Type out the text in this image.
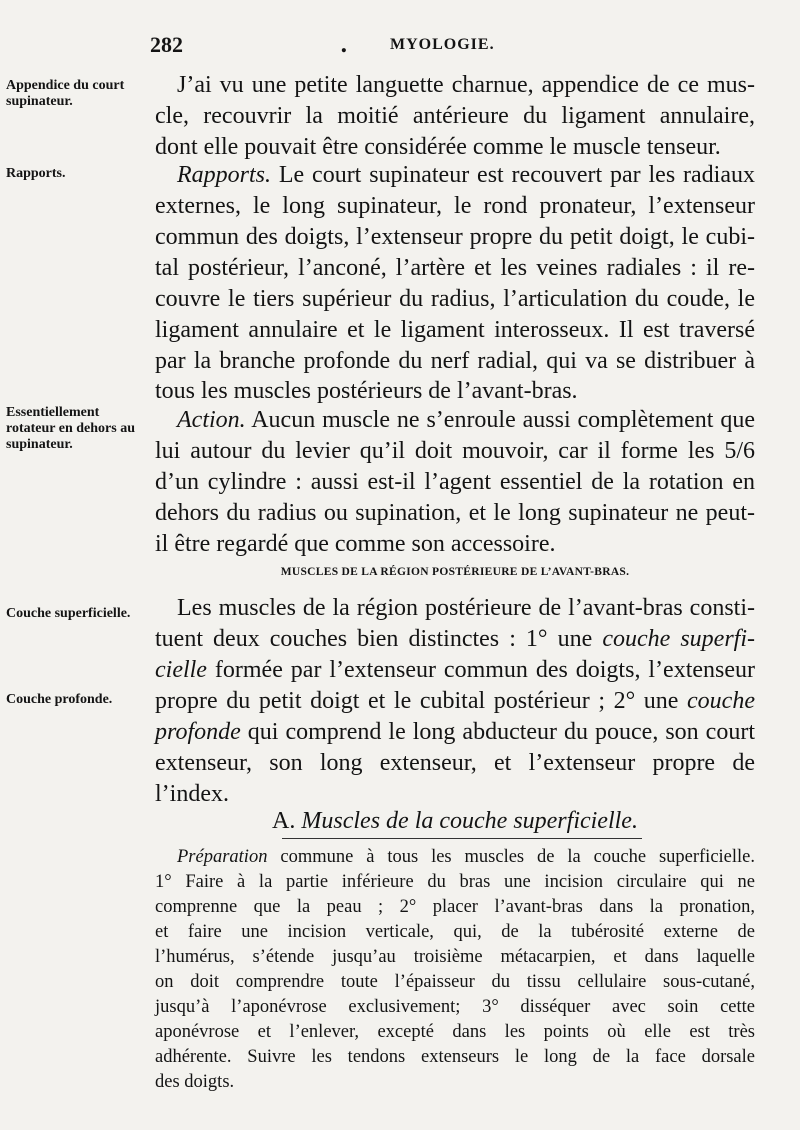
282	.	MYOLOGIE.
Appendice du court supinateur.
Rapports.
Essentiellement rotateur en dehors au supinateur.
Couche superficielle.
Couche profonde.
J’ai vu une petite languette charnue, appendice de ce mus-
cle, recouvrir la moitié antérieure du ligament annulaire,
dont elle pouvait être considérée comme le muscle tenseur.
Rapports. Le court supinateur est recouvert par les radiaux
externes, le long supinateur, le rond pronateur, l’extenseur
commun des doigts, l’extenseur propre du petit doigt, le cubi-
tal postérieur, l’anconé, l’artère et les veines radiales : il re-
couvre le tiers supérieur du radius, l’articulation du coude, le
ligament annulaire et le ligament interosseux. Il est traversé
par la branche profonde du nerf radial, qui va se distribuer à
tous les muscles postérieurs de l’avant-bras.
Action. Aucun muscle ne s’enroule aussi complètement que
lui autour du levier qu’il doit mouvoir, car il forme les 5/6
d’un cylindre : aussi est-il l’agent essentiel de la rotation en
dehors du radius ou supination, et le long supinateur ne peut-
il être regardé que comme son accessoire.
MUSCLES DE LA RÉGION POSTÉRIEURE DE L’AVANT-BRAS.
Les muscles de la région postérieure de l’avant-bras consti-
tuent deux couches bien distinctes : 1° une couche superfi-
cielle formée par l’extenseur commun des doigts, l’extenseur
propre du petit doigt et le cubital postérieur ; 2° une couche
profonde qui comprend le long abducteur du pouce, son court
extenseur, son long extenseur, et l’extenseur propre de
l’index.
A. Muscles de la couche superficielle.
Préparation commune à tous les muscles de la couche superficielle.
1° Faire à la partie inférieure du bras une incision circulaire qui ne
comprenne que la peau ; 2° placer l’avant-bras dans la pronation,
et faire une incision verticale, qui, de la tubérosité externe de
l’humérus, s’étende jusqu’au troisième métacarpien, et dans laquelle
on doit comprendre toute l’épaisseur du tissu cellulaire sous-cutané,
jusqu’à l’aponévrose exclusivement; 3° disséquer avec soin cette
aponévrose et l’enlever, excepté dans les points où elle est très
adhérente. Suivre les tendons extenseurs le long de la face dorsale
des doigts.
